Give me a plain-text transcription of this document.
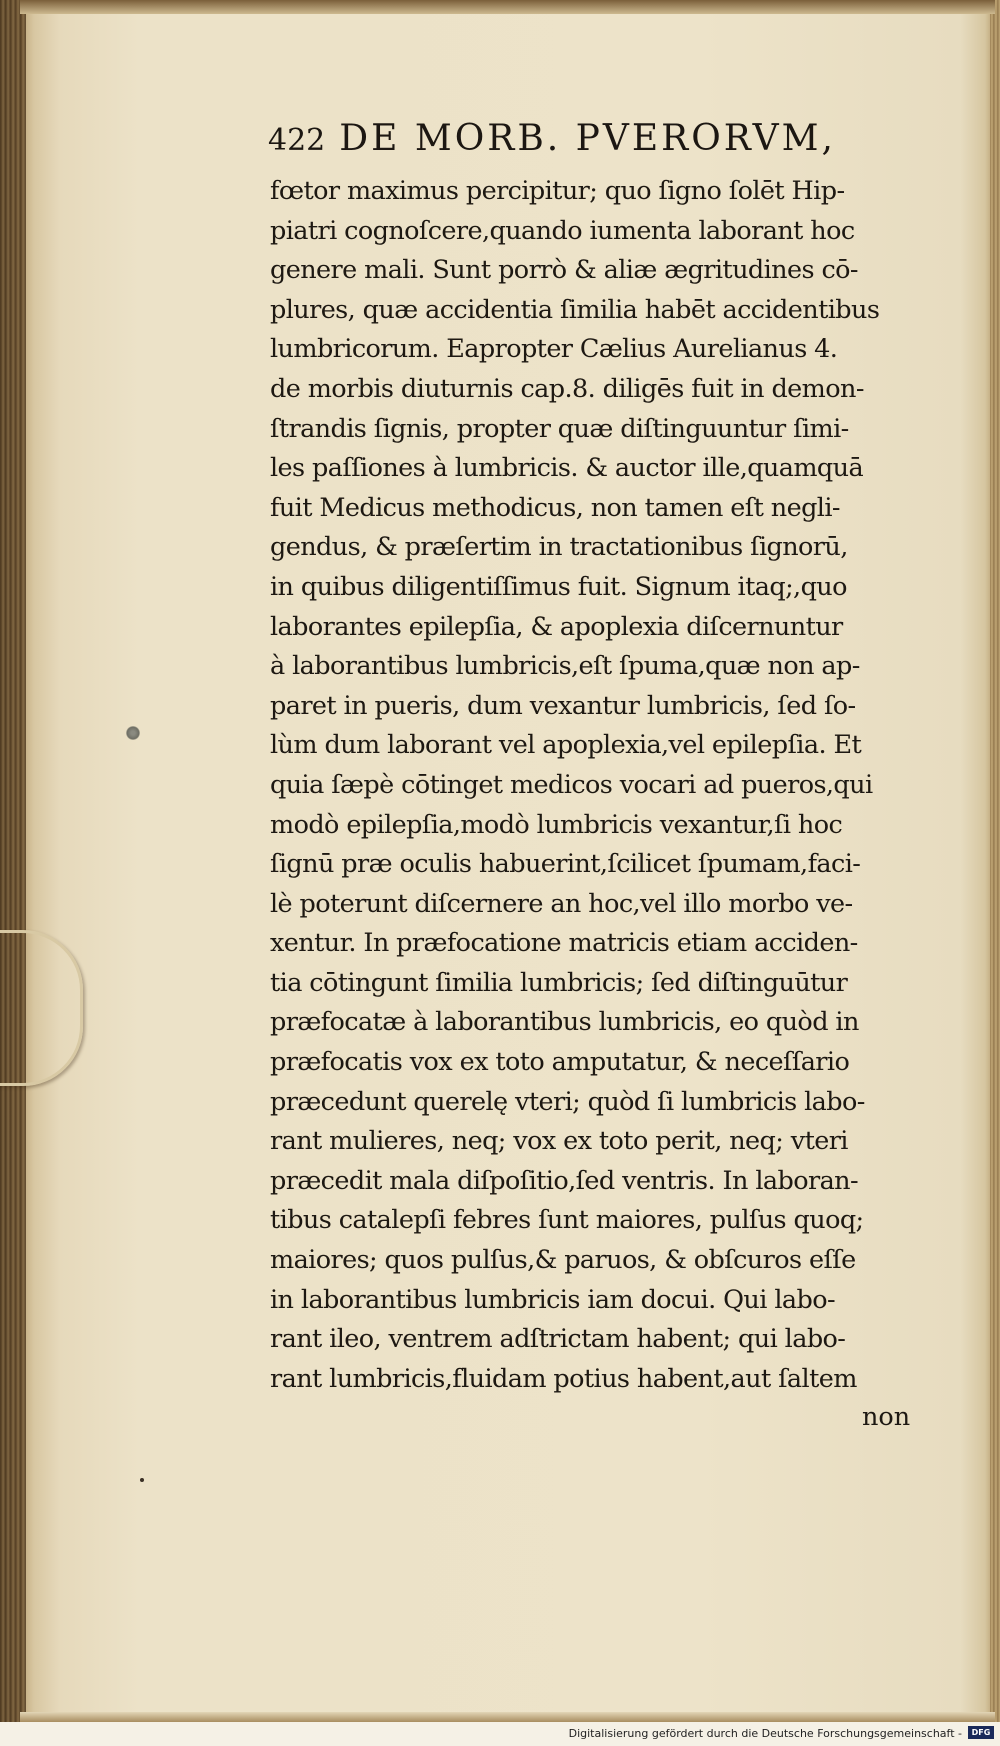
422 DE MORB. PVERORVM,
fœtor maximus percipitur; quo ſigno ſolēt Hip-
piatri cognoſcere,quando iumenta laborant hoc
genere mali. Sunt porrò & aliæ ægritudines cō-
plures, quæ accidentia ſimilia habēt accidentibus
lumbricorum. Eapropter Cælius Aurelianus 4.
de morbis diuturnis cap.8. diligēs fuit in demon-
ſtrandis ſignis, propter quæ diſtinguuntur ſimi-
les paſſiones à lumbricis. & auctor ille,quamquā
fuit Medicus methodicus, non tamen eſt negli-
gendus, & præſertim in tractationibus ſignorū,
in quibus diligentiſſimus fuit. Signum itaq;,quo
laborantes epilepſia, & apoplexia diſcernuntur
à laborantibus lumbricis,eſt ſpuma,quæ non ap-
paret in pueris, dum vexantur lumbricis, ſed ſo-
lùm dum laborant vel apoplexia,vel epilepſia. Et
quia ſæpè cōtinget medicos vocari ad pueros,qui
modò epilepſia,modò lumbricis vexantur,ſi hoc
ſignū præ oculis habuerint,ſcilicet ſpumam,faci-
lè poterunt diſcernere an hoc,vel illo morbo ve-
xentur. In præfocatione matricis etiam acciden-
tia cōtingunt ſimilia lumbricis; ſed diſtinguūtur
præfocatæ à laborantibus lumbricis, eo quòd in
præfocatis vox ex toto amputatur, & neceſſario
præcedunt querelę vteri; quòd ſi lumbricis labo-
rant mulieres, neq; vox ex toto perit, neq; vteri
præcedit mala diſpoſitio,ſed ventris. In laboran-
tibus catalepſi febres ſunt maiores, pulſus quoq;
maiores; quos pulſus,& paruos, & obſcuros eſſe
in laborantibus lumbricis iam docui. Qui labo-
rant ileo, ventrem adſtrictam habent; qui labo-
rant lumbricis,fluidam potius habent,aut ſaltem
non
Digitalisierung gefördert durch die Deutsche Forschungsgemeinschaft -	DFG
